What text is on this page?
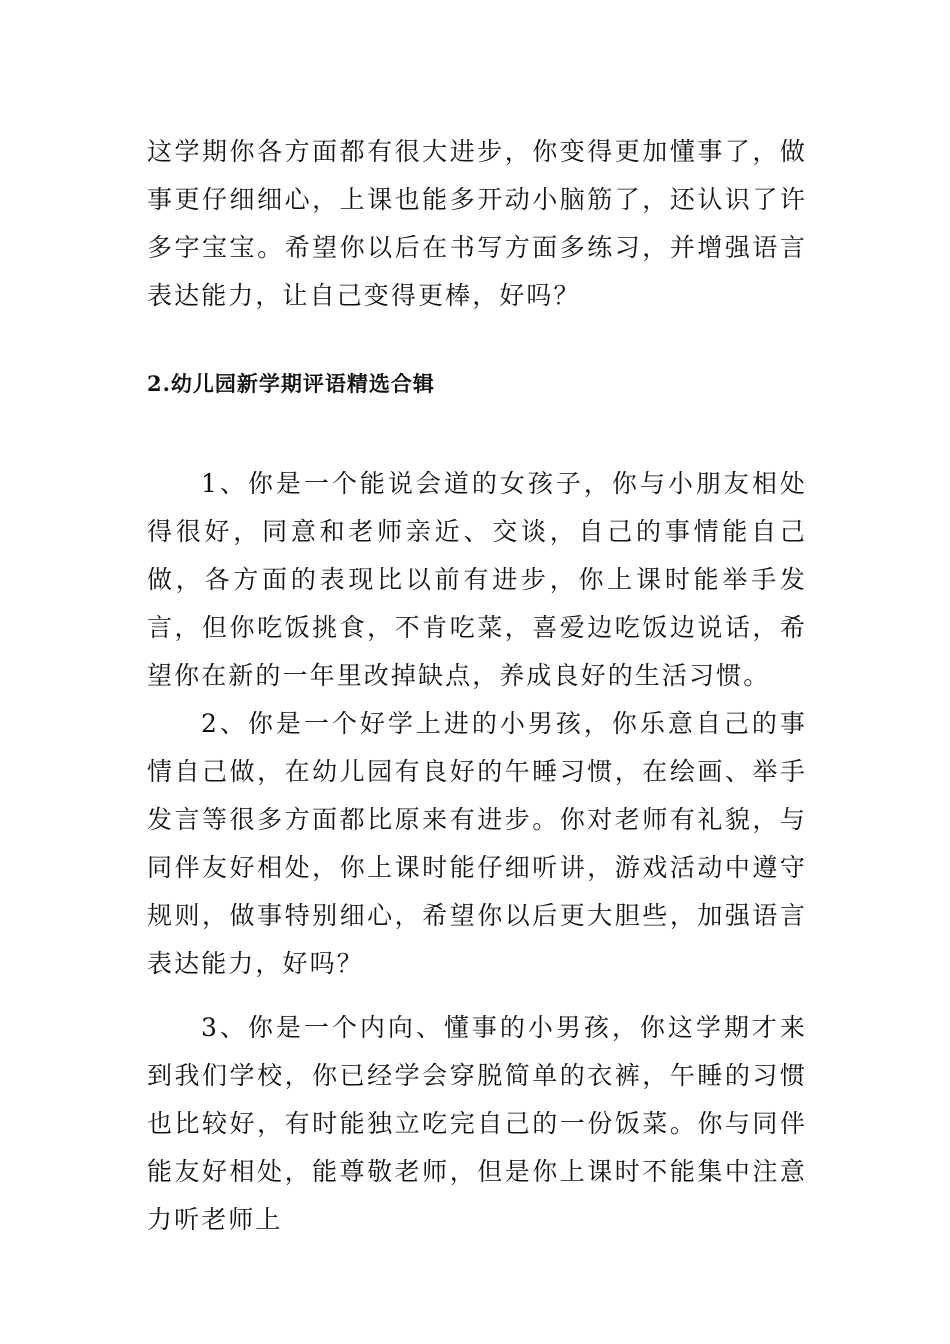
这学期你各方面都有很大进步，你变得更加懂事了，做事更仔细细心，上课也能多开动小脑筋了，还认识了许多字宝宝。希望你以后在书写方面多练习，并增强语言表达能力，让自己变得更棒，好吗？

2.幼儿园新学期评语精选合辑

1、你是一个能说会道的女孩子，你与小朋友相处得很好，同意和老师亲近、交谈，自己的事情能自己做，各方面的表现比以前有进步，你上课时能举手发言，但你吃饭挑食，不肯吃菜，喜爱边吃饭边说话，希望你在新的一年里改掉缺点，养成良好的生活习惯。

2、你是一个好学上进的小男孩，你乐意自己的事情自己做，在幼儿园有良好的午睡习惯，在绘画、举手发言等很多方面都比原来有进步。你对老师有礼貌，与同伴友好相处，你上课时能仔细听讲，游戏活动中遵守规则，做事特别细心，希望你以后更大胆些，加强语言表达能力，好吗？

3、你是一个内向、懂事的小男孩，你这学期才来到我们学校，你已经学会穿脱简单的衣裤，午睡的习惯也比较好，有时能独立吃完自己的一份饭菜。你与同伴能友好相处，能尊敬老师，但是你上课时不能集中注意力听老师上
